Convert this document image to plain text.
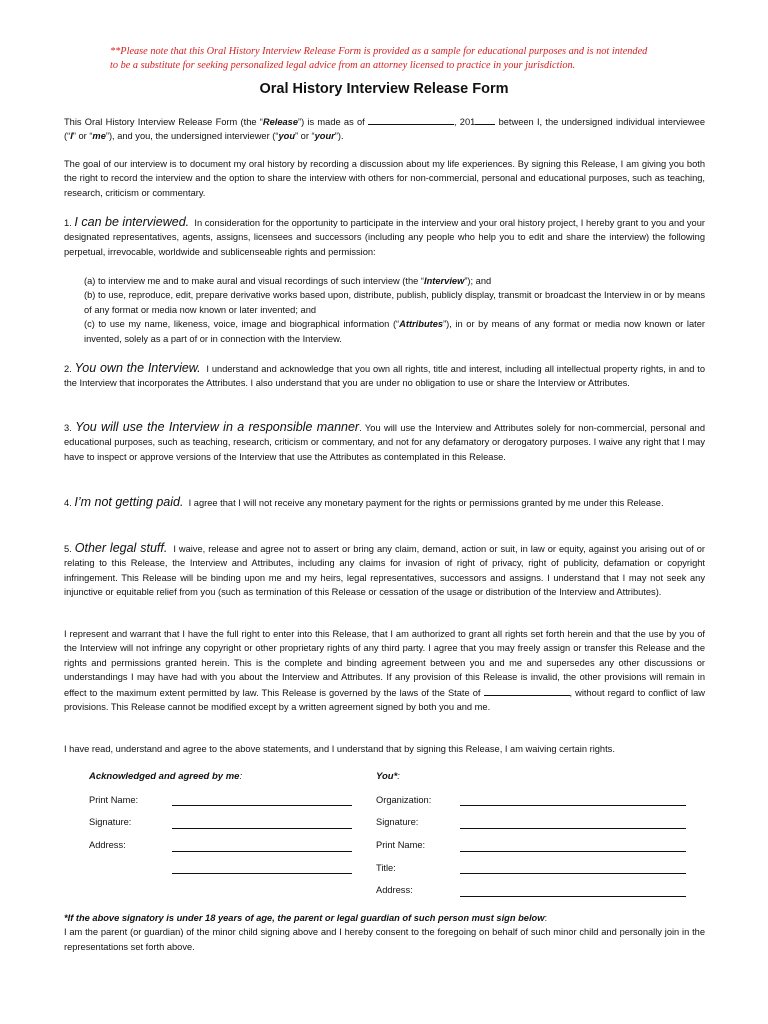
**Please note that this Oral History Interview Release Form is provided as a sample for educational purposes and is not intended
to be a substitute for seeking personalized legal advice from an attorney licensed to practice in your jurisdiction.
Oral History Interview Release Form

This Oral History Interview Release Form (the “Release”) is made as of	, 201 between I, the undersigned individual interviewee (“I” or “me”), and you, the undersigned interviewer (“you” or “your”).

The goal of our interview is to document my oral history by recording a discussion about my life experiences. By signing this Release, I am giving you both the right to record the interview and the option to share the interview with others for non-commercial, personal and educational purposes, such as teaching, research, criticism or commentary.

1. I can be interviewed. In consideration for the opportunity to participate in the interview and your oral history project, I hereby grant to you and your designated representatives, agents, assigns, licensees and successors (including any people who help you to edit and share the interview) the following perpetual, irrevocable, worldwide and sublicenseable rights and permission:

(a) to interview me and to make aural and visual recordings of such interview (the “Interview”); and

(b) to use, reproduce, edit, prepare derivative works based upon, distribute, publish, publicly display, transmit or broadcast the Interview in or by means of any format or media now known or later invented; and

(c) to use my name, likeness, voice, image and biographical information (“Attributes”), in or by means of any format or media now known or later invented, solely as a part of or in connection with the Interview.

2. You own the Interview. I understand and acknowledge that you own all rights, title and interest, including all intellectual property rights, in and to the Interview that incorporates the Attributes. I also understand that you are under no obligation to use or share the Interview or Attributes.

3. You will use the Interview in a responsible manner. You will use the Interview and Attributes solely for non-commercial, personal and educational purposes, such as teaching, research, criticism or commentary, and not for any defamatory or derogatory purposes. I waive any right that I may have to inspect or approve versions of the Interview that use the Attributes as contemplated in this Release.

4. I’m not getting paid. I agree that I will not receive any monetary payment for the rights or permissions granted by me under this Release.

5. Other legal stuff. I waive, release and agree not to assert or bring any claim, demand, action or suit, in law or equity, against you arising out of or relating to this Release, the Interview and Attributes, including any claims for invasion of right of privacy, right of publicity, defamation or copyright infringement. This Release will be binding upon me and my heirs, legal representatives, successors and assigns. I understand that I may not seek any injunctive or equitable relief from you (such as termination of this Release or cessation of the usage or distribution of the Interview and Attributes).

I represent and warrant that I have the full right to enter into this Release, that I am authorized to grant all rights set forth herein and that the use by you of the Interview will not infringe any copyright or other proprietary rights of any third party. I agree that you may freely assign or transfer this Release and the rights and permissions granted herein. This is the complete and binding agreement between you and me and supersedes any other discussions or understandings I may have had with you about the Interview and Attributes. If any provision of this Release is invalid, the other provisions will remain in effect to the maximum extent permitted by law. This Release is governed by the laws of the State of	, without regard to conflict of law provisions. This Release cannot be modified except by a written agreement signed by both you and me.

I have read, understand and agree to the above statements, and I understand that by signing this Release, I am waiving certain rights.

Acknowledged and agreed by me:
Print Name:
Signature:
Address:
You*:
Organization:
Signature:
Print Name:
Title:
Address:

*If the above signatory is under 18 years of age, the parent or legal guardian of such person must sign below:

I am the parent (or guardian) of the minor child signing above and I hereby consent to the foregoing on behalf of such minor child and personally join in the representations set forth above.
